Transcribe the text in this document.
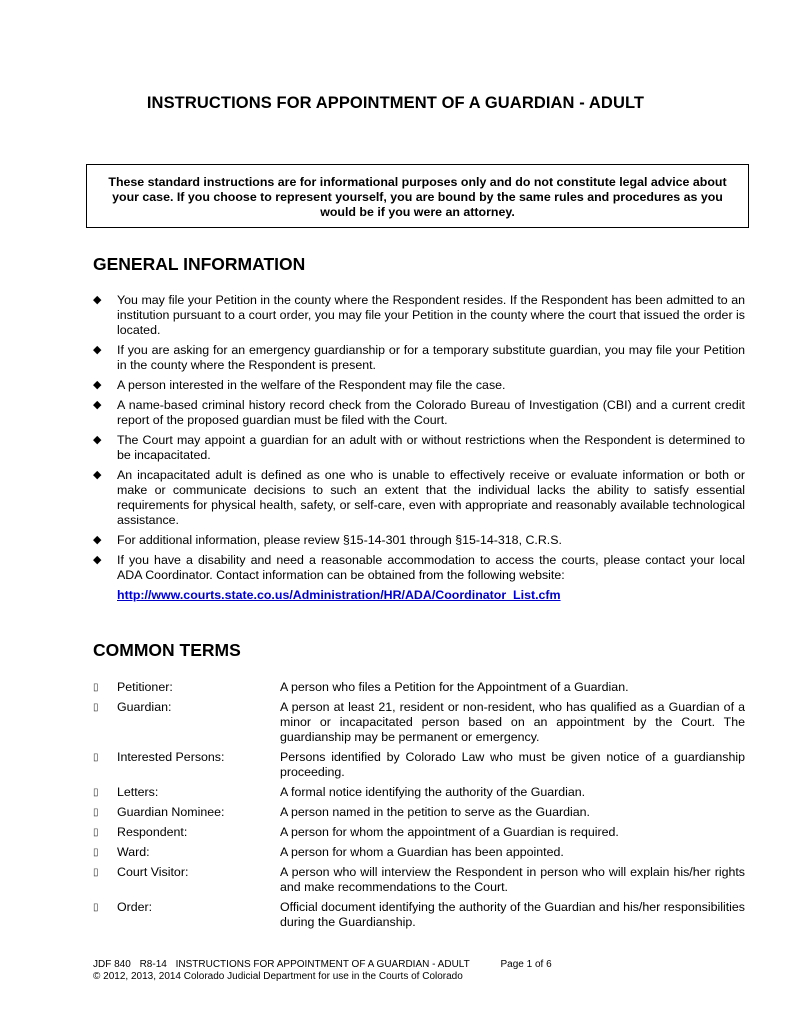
INSTRUCTIONS FOR APPOINTMENT OF A GUARDIAN - ADULT
These standard instructions are for informational purposes only and do not constitute legal advice about your case. If you choose to represent yourself, you are bound by the same rules and procedures as you would be if you were an attorney.
GENERAL INFORMATION
◆	You may file your Petition in the county where the Respondent resides. If the Respondent has been admitted to an institution pursuant to a court order, you may file your Petition in the county where the court that issued the order is located.
◆	If you are asking for an emergency guardianship or for a temporary substitute guardian, you may file your Petition in the county where the Respondent is present.
◆	A person interested in the welfare of the Respondent may file the case.
◆	A name-based criminal history record check from the Colorado Bureau of Investigation (CBI) and a current credit report of the proposed guardian must be filed with the Court.
◆	The Court may appoint a guardian for an adult with or without restrictions when the Respondent is determined to be incapacitated.
◆	An incapacitated adult is defined as one who is unable to effectively receive or evaluate information or both or make or communicate decisions to such an extent that the individual lacks the ability to satisfy essential requirements for physical health, safety, or self-care, even with appropriate and reasonably available technological assistance.
◆	For additional information, please review §15-14-301 through §15-14-318, C.R.S.
◆	If you have a disability and need a reasonable accommodation to access the courts, please contact your local ADA Coordinator. Contact information can be obtained from the following website:
http://www.courts.state.co.us/Administration/HR/ADA/Coordinator_List.cfm
COMMON TERMS
▯	Petitioner:	A person who files a Petition for the Appointment of a Guardian.
▯	Guardian:	A person at least 21, resident or non-resident, who has qualified as a Guardian of a minor or incapacitated person based on an appointment by the Court. The guardianship may be permanent or emergency.
▯	Interested Persons:	Persons identified by Colorado Law who must be given notice of a guardianship proceeding.
▯	Letters:	A formal notice identifying the authority of the Guardian.
▯	Guardian Nominee:	A person named in the petition to serve as the Guardian.
▯	Respondent:	A person for whom the appointment of a Guardian is required.
▯	Ward:	A person for whom a Guardian has been appointed.
▯	Court Visitor:	A person who will interview the Respondent in person who will explain his/her rights and make recommendations to the Court.
▯	Order:	Official document identifying the authority of the Guardian and his/her responsibilities during the Guardianship.
JDF 840 R8-14 INSTRUCTIONS FOR APPOINTMENT OF A GUARDIAN - ADULT	Page 1 of 6
© 2012, 2013, 2014 Colorado Judicial Department for use in the Courts of Colorado
